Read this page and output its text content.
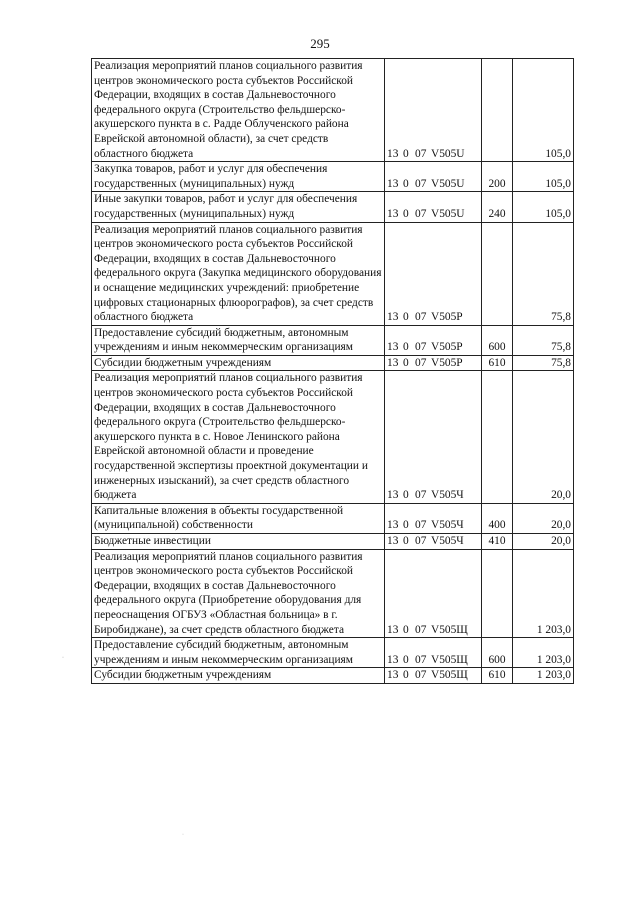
295
Реализация мероприятий планов социального развития центров экономического роста субъектов Российской Федерации, входящих в состав Дальневосточного федерального округа (Строительство фельдшерско-акушерского пункта в с. Радде Облученского района Еврейской автономной области), за счет средств областного бюджета	13 0 07 V505U		105,0
Закупка товаров, работ и услуг для обеспечения государственных (муниципальных) нужд	13 0 07 V505U	200	105,0
Иные закупки товаров, работ и услуг для обеспечения государственных (муниципальных) нужд	13 0 07 V505U	240	105,0
Реализация мероприятий планов социального развития центров экономического роста субъектов Российской Федерации, входящих в состав Дальневосточного федерального округа (Закупка медицинского оборудования и оснащение медицинских учреждений: приобретение цифровых стационарных флюорографов), за счет средств областного бюджета	13 0 07 V505P		75,8
Предоставление субсидий бюджетным, автономным учреждениям и иным некоммерческим организациям	13 0 07 V505P	600	75,8
Субсидии бюджетным учреждениям	13 0 07 V505P	610	75,8
Реализация мероприятий планов социального развития центров экономического роста субъектов Российской Федерации, входящих в состав Дальневосточного федерального округа (Строительство фельдшерско-акушерского пункта в с. Новое Ленинского района Еврейской автономной области и проведение государственной экспертизы проектной документации и инженерных изысканий), за счет средств областного бюджета	13 0 07 V505Ч		20,0
Капитальные вложения в объекты государственной (муниципальной) собственности	13 0 07 V505Ч	400	20,0
Бюджетные инвестиции	13 0 07 V505Ч	410	20,0
Реализация мероприятий планов социального развития центров экономического роста субъектов Российской Федерации, входящих в состав Дальневосточного федерального округа (Приобретение оборудования для переоснащения ОГБУЗ «Областная больница» в г. Биробиджане), за счет средств областного бюджета	13 0 07 V505Щ		1 203,0
Предоставление субсидий бюджетным, автономным учреждениям и иным некоммерческим организациям	13 0 07 V505Щ	600	1 203,0
Субсидии бюджетным учреждениям	13 0 07 V505Щ	610	1 203,0
·
·
